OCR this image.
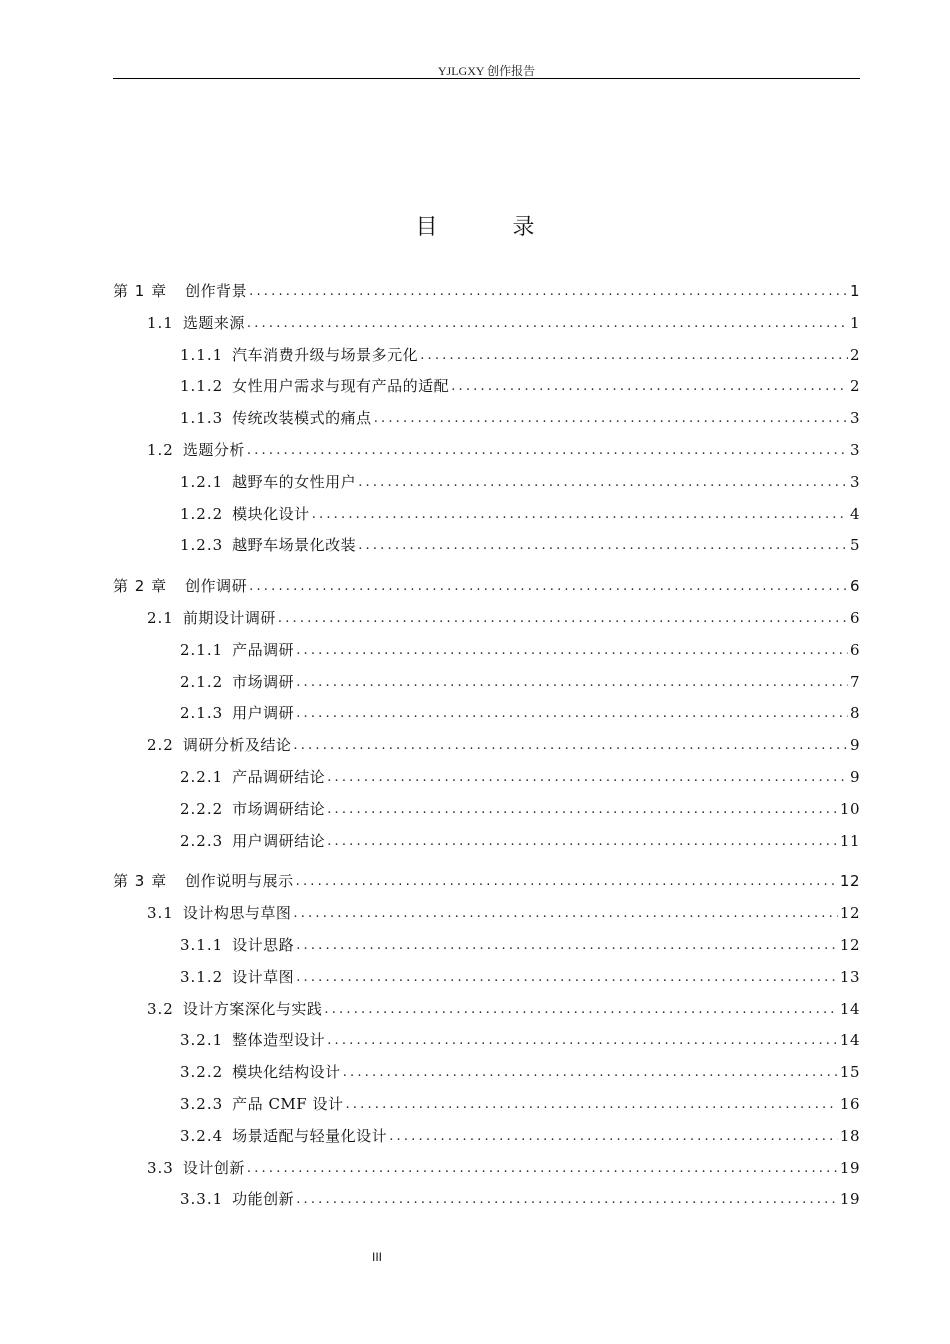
YJLGXY 创作报告
目 录
第 1 章 创作背景 .....	1
1.1 选题来源 .....	1
1.1.1 汽车消费升级与场景多元化 .....	2
1.1.2 女性用户需求与现有产品的适配 .....	2
1.1.3 传统改装模式的痛点 .....	3
1.2 选题分析 .....	3
1.2.1 越野车的女性用户 .....	3
1.2.2 模块化设计 .....	4
1.2.3 越野车场景化改装 .....	5
第 2 章 创作调研 .....	6
2.1 前期设计调研 .....	6
2.1.1 产品调研 .....	6
2.1.2 市场调研 .....	7
2.1.3 用户调研 .....	8
2.2 调研分析及结论 .....	9
2.2.1 产品调研结论 .....	9
2.2.2 市场调研结论 .....	10
2.2.3 用户调研结论 .....	11
第 3 章 创作说明与展示 .....	12
3.1 设计构思与草图 .....	12
3.1.1 设计思路 .....	12
3.1.2 设计草图 .....	13
3.2 设计方案深化与实践 .....	14
3.2.1 整体造型设计 .....	14
3.2.2 模块化结构设计 .....	15
3.2.3 产品 CMF 设计 .....	16
3.2.4 场景适配与轻量化设计 .....	18
3.3 设计创新 .....	19
3.3.1 功能创新 .....	19
III
